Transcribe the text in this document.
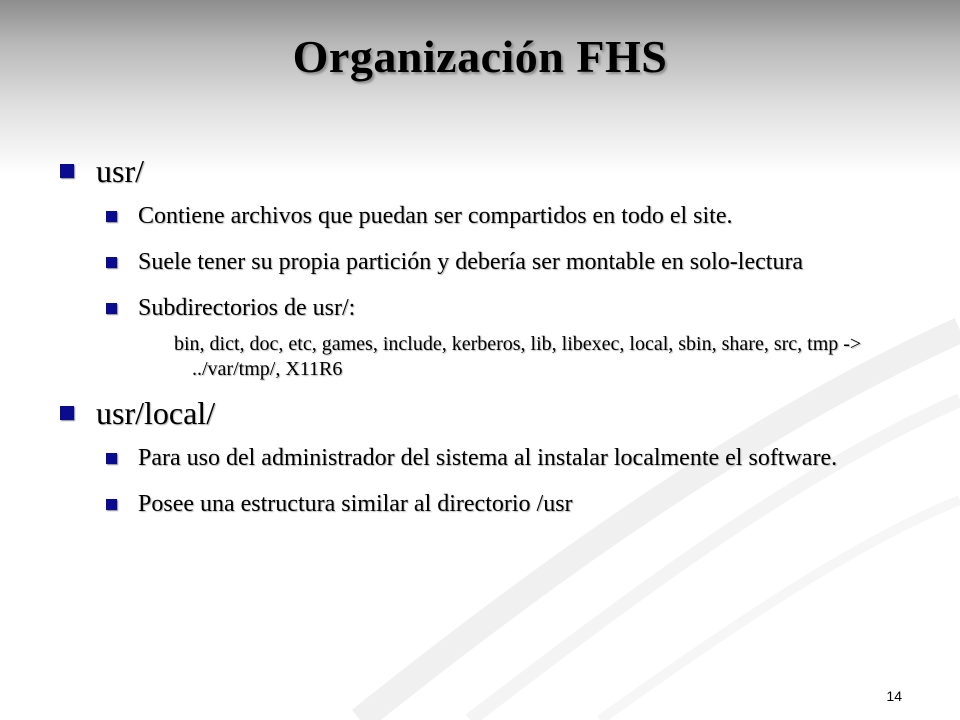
Organización FHS
usr/
Contiene archivos que puedan ser compartidos en todo el site.
Suele tener su propia partición y debería ser montable en solo-lectura
Subdirectorios de usr/:
bin, dict, doc, etc, games, include, kerberos, lib, libexec, local, sbin, share, src, tmp -> ../var/tmp/, X11R6
usr/local/
Para uso del administrador del sistema al instalar localmente el software.
Posee una estructura similar al directorio /usr
14
